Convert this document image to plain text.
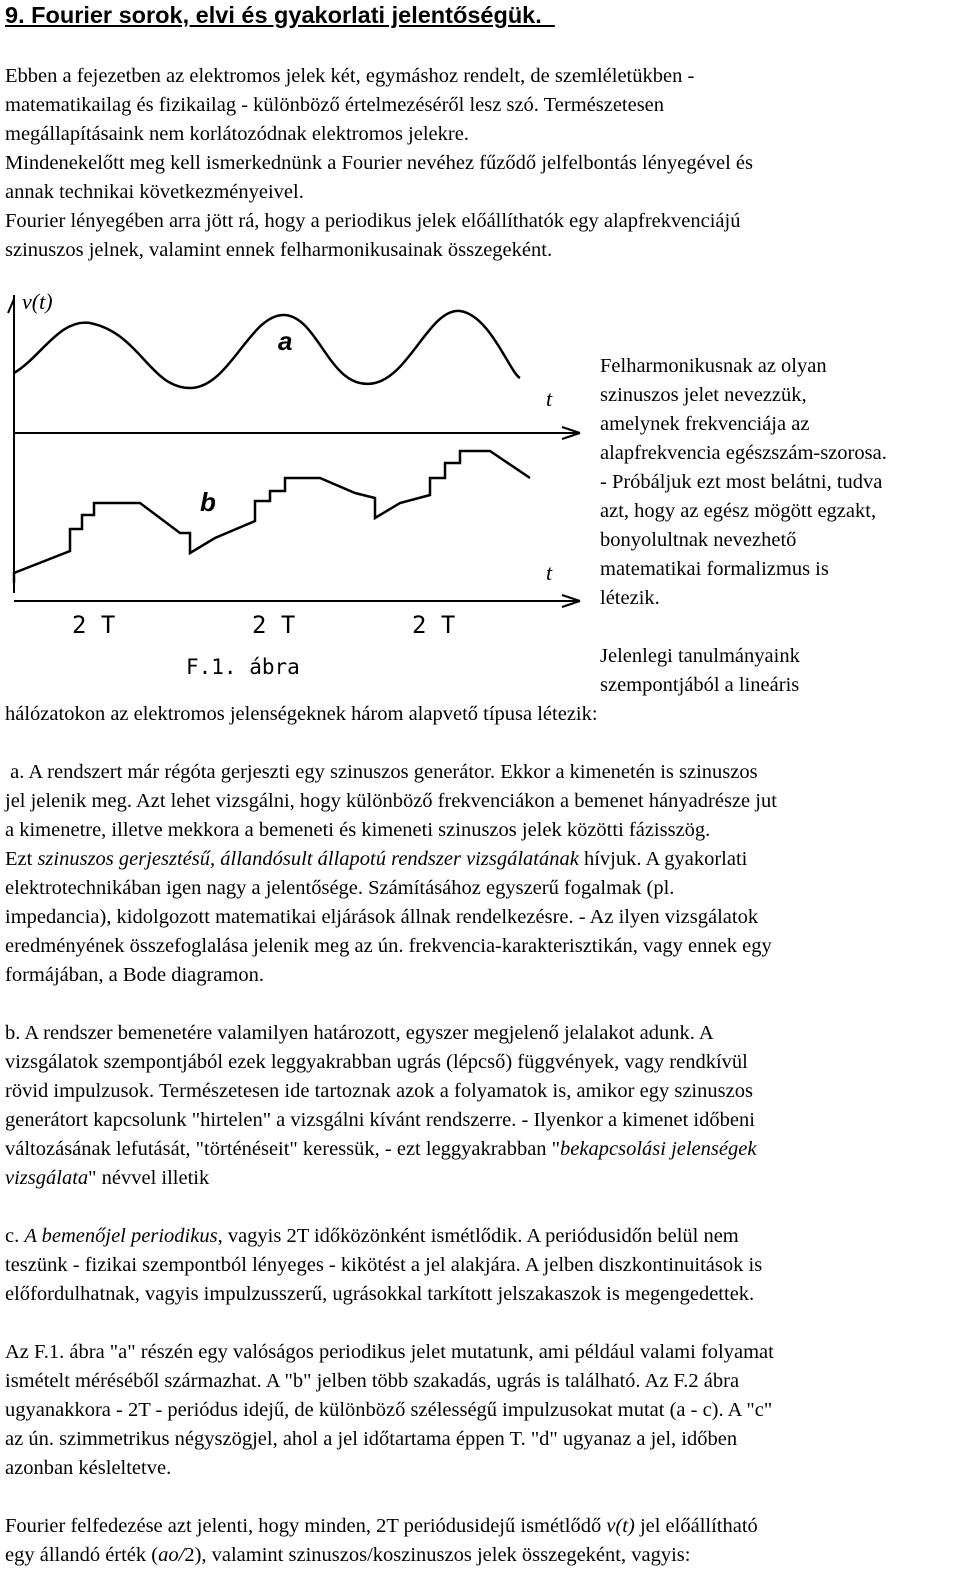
9. Fourier sorok, elvi és gyakorlati jelentőségük.
Ebben a fejezetben az elektromos jelek két, egymáshoz rendelt, de szemléletükben -
matematikailag és fizikailag - különböző értelmezéséről lesz szó. Természetesen
megállapításaink nem korlátozódnak elektromos jelekre.
Mindenekelőtt meg kell ismerkednünk a Fourier nevéhez fűződő jelfelbontás lényegével és
annak technikai következményeivel.
Fourier lényegében arra jött rá, hogy a periodikus jelek előállíthatók egy alapfrekvenciájú
szinuszos jelnek, valamint ennek felharmonikusainak összegeként.
v(t)
a
t
b
t
2 T	2 T	2 T
F.1. ábra
Felharmonikusnak az olyan
szinuszos jelet nevezzük,
amelynek frekvenciája az
alapfrekvencia egészszám-szorosa.
- Próbáljuk ezt most belátni, tudva
azt, hogy az egész mögött egzakt,
bonyolultnak nevezhető
matematikai formalizmus is
létezik.
Jelenlegi tanulmányaink
szempontjából a lineáris
hálózatokon az elektromos jelenségeknek három alapvető típusa létezik:
a. A rendszert már régóta gerjeszti egy szinuszos generátor. Ekkor a kimenetén is szinuszos
jel jelenik meg. Azt lehet vizsgálni, hogy különböző frekvenciákon a bemenet hányadrésze jut
a kimenetre, illetve mekkora a bemeneti és kimeneti szinuszos jelek közötti fázisszög.
Ezt szinuszos gerjesztésű, állandósult állapotú rendszer vizsgálatának hívjuk. A gyakorlati
elektrotechnikában igen nagy a jelentősége. Számításához egyszerű fogalmak (pl.
impedancia), kidolgozott matematikai eljárások állnak rendelkezésre. - Az ilyen vizsgálatok
eredményének összefoglalása jelenik meg az ún. frekvencia-karakterisztikán, vagy ennek egy
formájában, a Bode diagramon.
b. A rendszer bemenetére valamilyen határozott, egyszer megjelenő jelalakot adunk. A
vizsgálatok szempontjából ezek leggyakrabban ugrás (lépcső) függvények, vagy rendkívül
rövid impulzusok. Természetesen ide tartoznak azok a folyamatok is, amikor egy szinuszos
generátort kapcsolunk "hirtelen" a vizsgálni kívánt rendszerre. - Ilyenkor a kimenet időbeni
változásának lefutását, "történéseit" keressük, - ezt leggyakrabban "bekapcsolási jelenségek
vizsgálata" névvel illetik
c. A bemenőjel periodikus, vagyis 2T időközönként ismétlődik. A periódusidőn belül nem
teszünk - fizikai szempontból lényeges - kikötést a jel alakjára. A jelben diszkontinuitások is
előfordulhatnak, vagyis impulzusszerű, ugrásokkal tarkított jelszakaszok is megengedettek.
Az F.1. ábra "a" részén egy valóságos periodikus jelet mutatunk, ami például valami folyamat
ismételt méréséből származhat. A "b" jelben több szakadás, ugrás is található. Az F.2 ábra
ugyanakkora - 2T - periódus idejű, de különböző szélességű impulzusokat mutat (a - c). A "c"
az ún. szimmetrikus négyszögjel, ahol a jel időtartama éppen T. "d" ugyanaz a jel, időben
azonban késleltetve.
Fourier felfedezése azt jelenti, hogy minden, 2T periódusidejű ismétlődő v(t) jel előállítható
egy állandó érték (ao/2), valamint szinuszos/koszinuszos jelek összegeként, vagyis:
